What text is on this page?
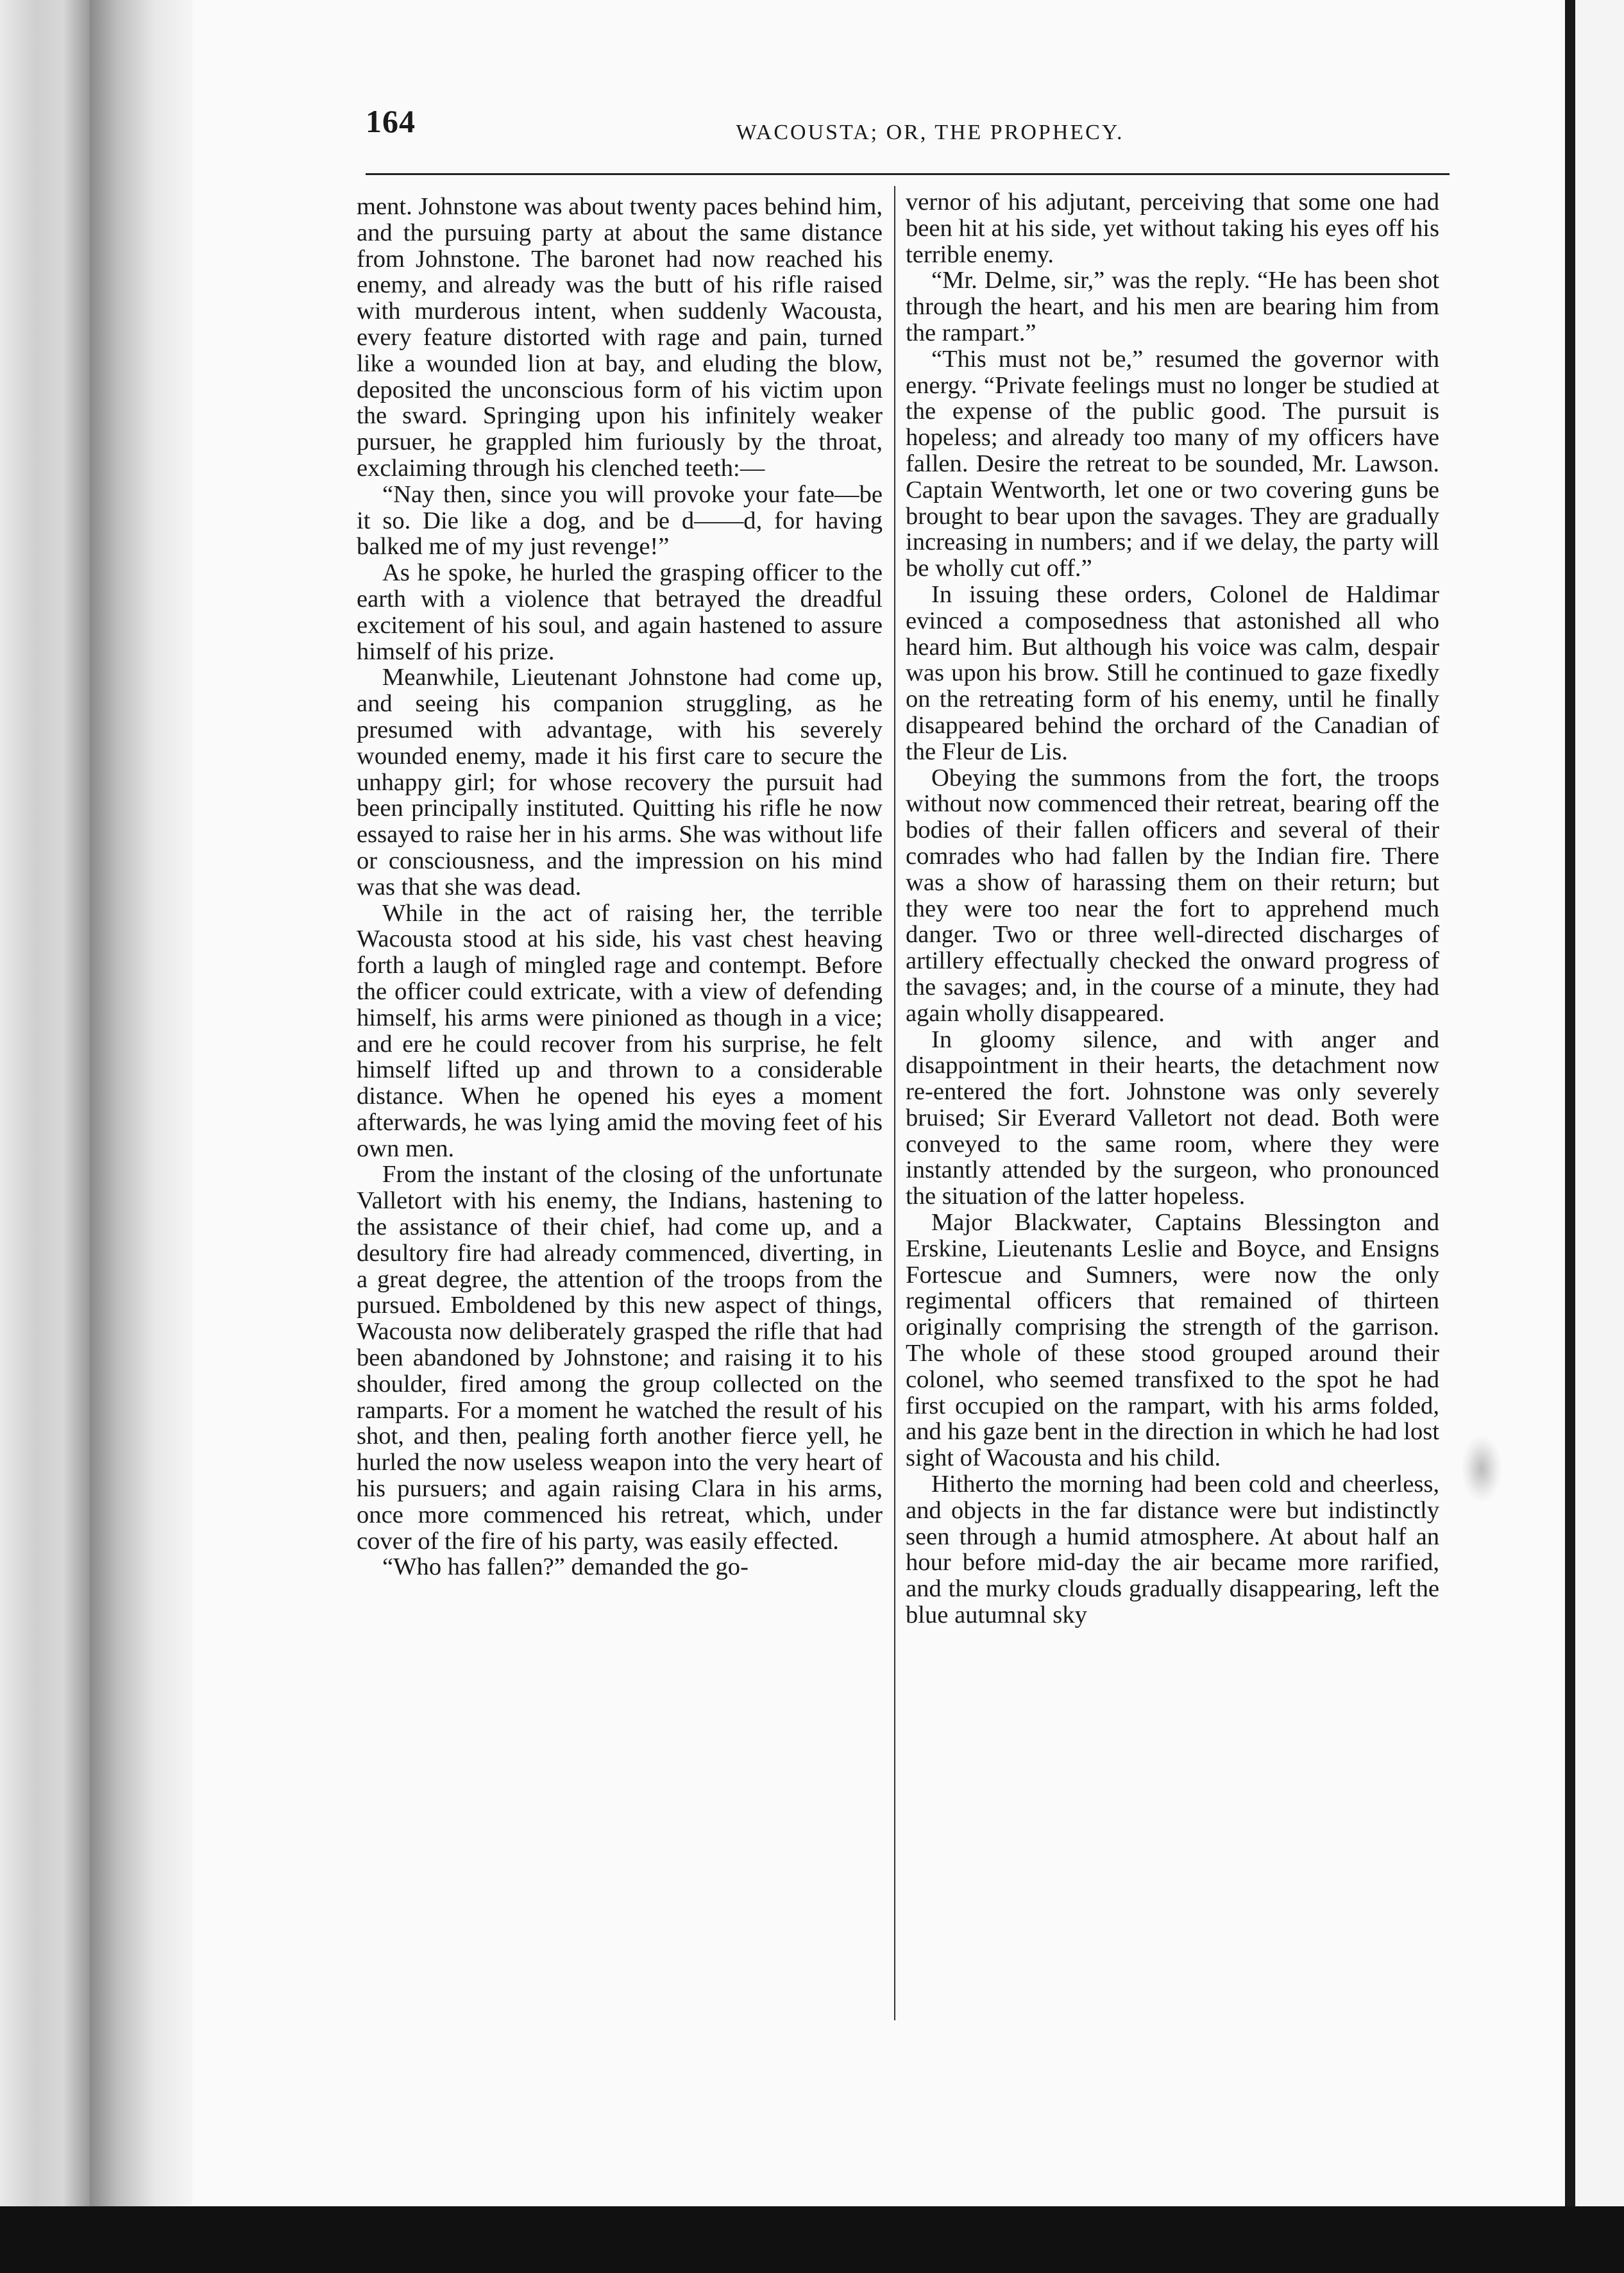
164	WACOUSTA; OR, THE PROPHECY.

ment. Johnstone was about twenty paces behind him, and the pursuing party at about the same distance from Johnstone. The baronet had now reached his enemy, and already was the butt of his rifle raised with murderous intent, when suddenly Wacousta, every feature distorted with rage and pain, turned like a wounded lion at bay, and eluding the blow, deposited the unconscious form of his victim upon the sward. Springing upon his infinitely weaker pursuer, he grappled him furiously by the throat, exclaiming through his clenched teeth:—

“Nay then, since you will provoke your fate—be it so. Die like a dog, and be d——d, for having balked me of my just revenge!”

As he spoke, he hurled the grasping officer to the earth with a violence that betrayed the dreadful excitement of his soul, and again hastened to assure himself of his prize.

Meanwhile, Lieutenant Johnstone had come up, and seeing his companion struggling, as he presumed with advantage, with his severely wounded enemy, made it his first care to secure the unhappy girl; for whose recovery the pursuit had been principally instituted. Quitting his rifle he now essayed to raise her in his arms. She was without life or consciousness, and the impression on his mind was that she was dead.

While in the act of raising her, the terrible Wacousta stood at his side, his vast chest heaving forth a laugh of mingled rage and contempt. Before the officer could extricate, with a view of defending himself, his arms were pinioned as though in a vice; and ere he could recover from his surprise, he felt himself lifted up and thrown to a considerable distance. When he opened his eyes a moment afterwards, he was lying amid the moving feet of his own men.

From the instant of the closing of the unfortunate Valletort with his enemy, the Indians, hastening to the assistance of their chief, had come up, and a desultory fire had already commenced, diverting, in a great degree, the attention of the troops from the pursued. Emboldened by this new aspect of things, Wacousta now deliberately grasped the rifle that had been abandoned by Johnstone; and raising it to his shoulder, fired among the group collected on the ramparts. For a moment he watched the result of his shot, and then, pealing forth another fierce yell, he hurled the now useless weapon into the very heart of his pursuers; and again raising Clara in his arms, once more commenced his retreat, which, under cover of the fire of his party, was easily effected.

“Who has fallen?” demanded the go-

vernor of his adjutant, perceiving that some one had been hit at his side, yet without taking his eyes off his terrible enemy.

“Mr. Delme, sir,” was the reply. “He has been shot through the heart, and his men are bearing him from the rampart.”

“This must not be,” resumed the governor with energy. “Private feelings must no longer be studied at the expense of the public good. The pursuit is hopeless; and already too many of my officers have fallen. Desire the retreat to be sounded, Mr. Lawson. Captain Wentworth, let one or two covering guns be brought to bear upon the savages. They are gradually increasing in numbers; and if we delay, the party will be wholly cut off.”

In issuing these orders, Colonel de Haldimar evinced a composedness that astonished all who heard him. But although his voice was calm, despair was upon his brow. Still he continued to gaze fixedly on the retreating form of his enemy, until he finally disappeared behind the orchard of the Canadian of the Fleur de Lis.

Obeying the summons from the fort, the troops without now commenced their retreat, bearing off the bodies of their fallen officers and several of their comrades who had fallen by the Indian fire. There was a show of harassing them on their return; but they were too near the fort to apprehend much danger. Two or three well-directed discharges of artillery effectually checked the onward progress of the savages; and, in the course of a minute, they had again wholly disappeared.

In gloomy silence, and with anger and disappointment in their hearts, the detachment now re-entered the fort. Johnstone was only severely bruised; Sir Everard Valletort not dead. Both were conveyed to the same room, where they were instantly attended by the surgeon, who pronounced the situation of the latter hopeless.

Major Blackwater, Captains Blessington and Erskine, Lieutenants Leslie and Boyce, and Ensigns Fortescue and Sumners, were now the only regimental officers that remained of thirteen originally comprising the strength of the garrison. The whole of these stood grouped around their colonel, who seemed transfixed to the spot he had first occupied on the rampart, with his arms folded, and his gaze bent in the direction in which he had lost sight of Wacousta and his child.

Hitherto the morning had been cold and cheerless, and objects in the far distance were but indistinctly seen through a humid atmosphere. At about half an hour before mid-day the air became more rarified, and the murky clouds gradually disappearing, left the blue autumnal sky
